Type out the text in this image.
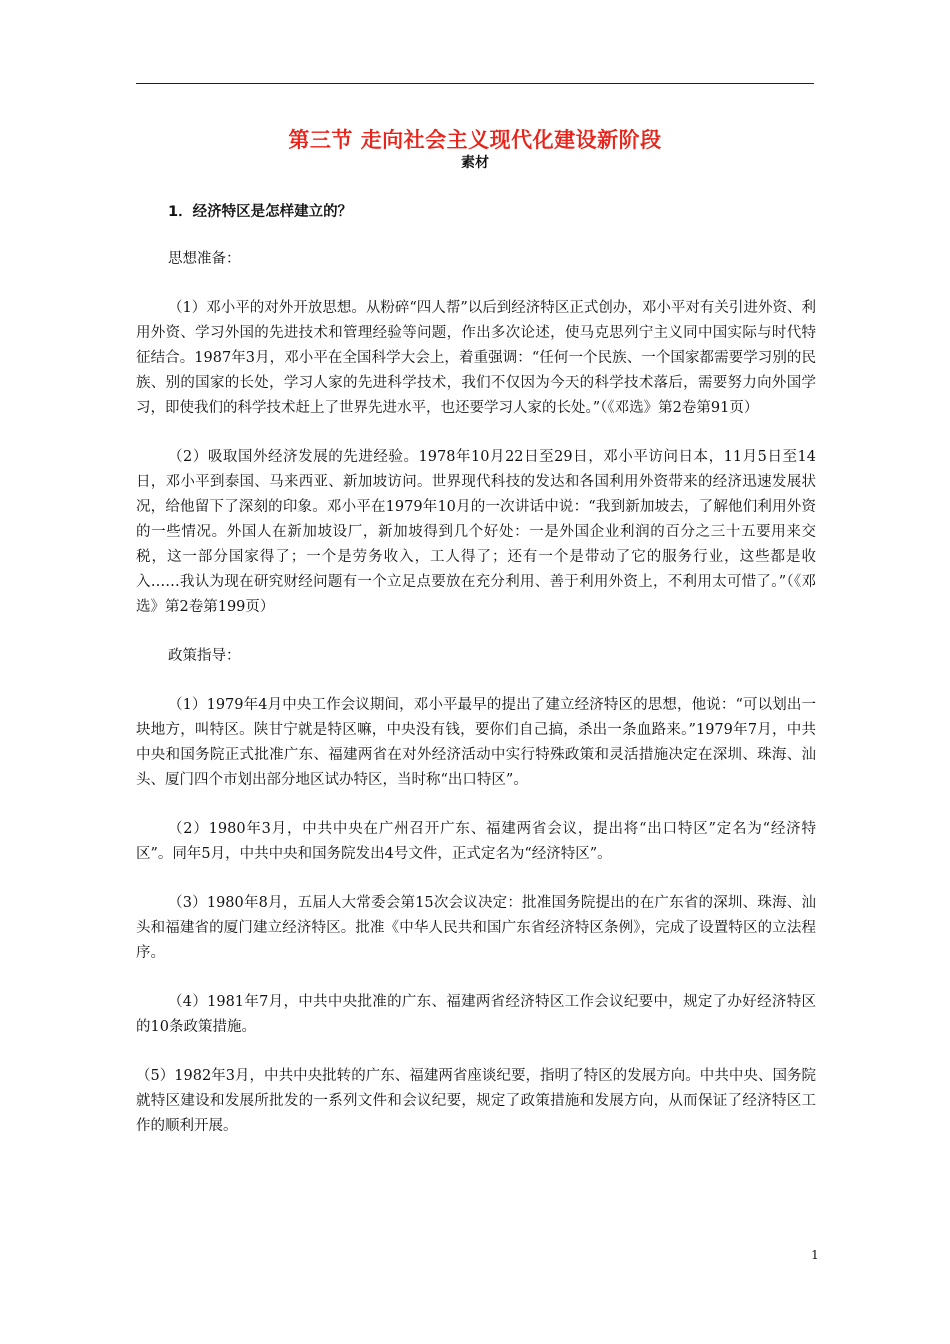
第三节 走向社会主义现代化建设新阶段
素材

1．经济特区是怎样建立的？

思想准备：

（1）邓小平的对外开放思想。从粉碎“四人帮”以后到经济特区正式创办，邓小平对有关引进外资、利用外资、学习外国的先进技术和管理经验等问题，作出多次论述，使马克思列宁主义同中国实际与时代特征结合。1987年3月，邓小平在全国科学大会上，着重强调：“任何一个民族、一个国家都需要学习别的民族、别的国家的长处，学习人家的先进科学技术，我们不仅因为今天的科学技术落后，需要努力向外国学习，即使我们的科学技术赶上了世界先进水平，也还要学习人家的长处。”（《邓选》第2卷第91页）

（2）吸取国外经济发展的先进经验。1978年10月22日至29日，邓小平访问日本，11月5日至14日，邓小平到泰国、马来西亚、新加坡访问。世界现代科技的发达和各国利用外资带来的经济迅速发展状况，给他留下了深刻的印象。邓小平在1979年10月的一次讲话中说：“我到新加坡去，了解他们利用外资的一些情况。外国人在新加坡设厂，新加坡得到几个好处：一是外国企业利润的百分之三十五要用来交税，这一部分国家得了；一个是劳务收入，工人得了；还有一个是带动了它的服务行业，这些都是收入……我认为现在研究财经问题有一个立足点要放在充分利用、善于利用外资上，不利用太可惜了。”（《邓选》第2卷第199页）

政策指导：

（1）1979年4月中央工作会议期间，邓小平最早的提出了建立经济特区的思想，他说：“可以划出一块地方，叫特区。陕甘宁就是特区嘛，中央没有钱，要你们自己搞，杀出一条血路来。”1979年7月，中共中央和国务院正式批准广东、福建两省在对外经济活动中实行特殊政策和灵活措施决定在深圳、珠海、汕头、厦门四个市划出部分地区试办特区，当时称“出口特区”。

（2）1980年3月，中共中央在广州召开广东、福建两省会议，提出将“出口特区”定名为“经济特区”。同年5月，中共中央和国务院发出4号文件，正式定名为“经济特区”。

（3）1980年8月，五届人大常委会第15次会议决定：批准国务院提出的在广东省的深圳、珠海、汕头和福建省的厦门建立经济特区。批准《中华人民共和国广东省经济特区条例》，完成了设置特区的立法程序。

（4）1981年7月，中共中央批准的广东、福建两省经济特区工作会议纪要中，规定了办好经济特区的10条政策措施。

（5）1982年3月，中共中央批转的广东、福建两省座谈纪要，指明了特区的发展方向。中共中央、国务院就特区建设和发展所批发的一系列文件和会议纪要，规定了政策措施和发展方向，从而保证了经济特区工作的顺利开展。

1
